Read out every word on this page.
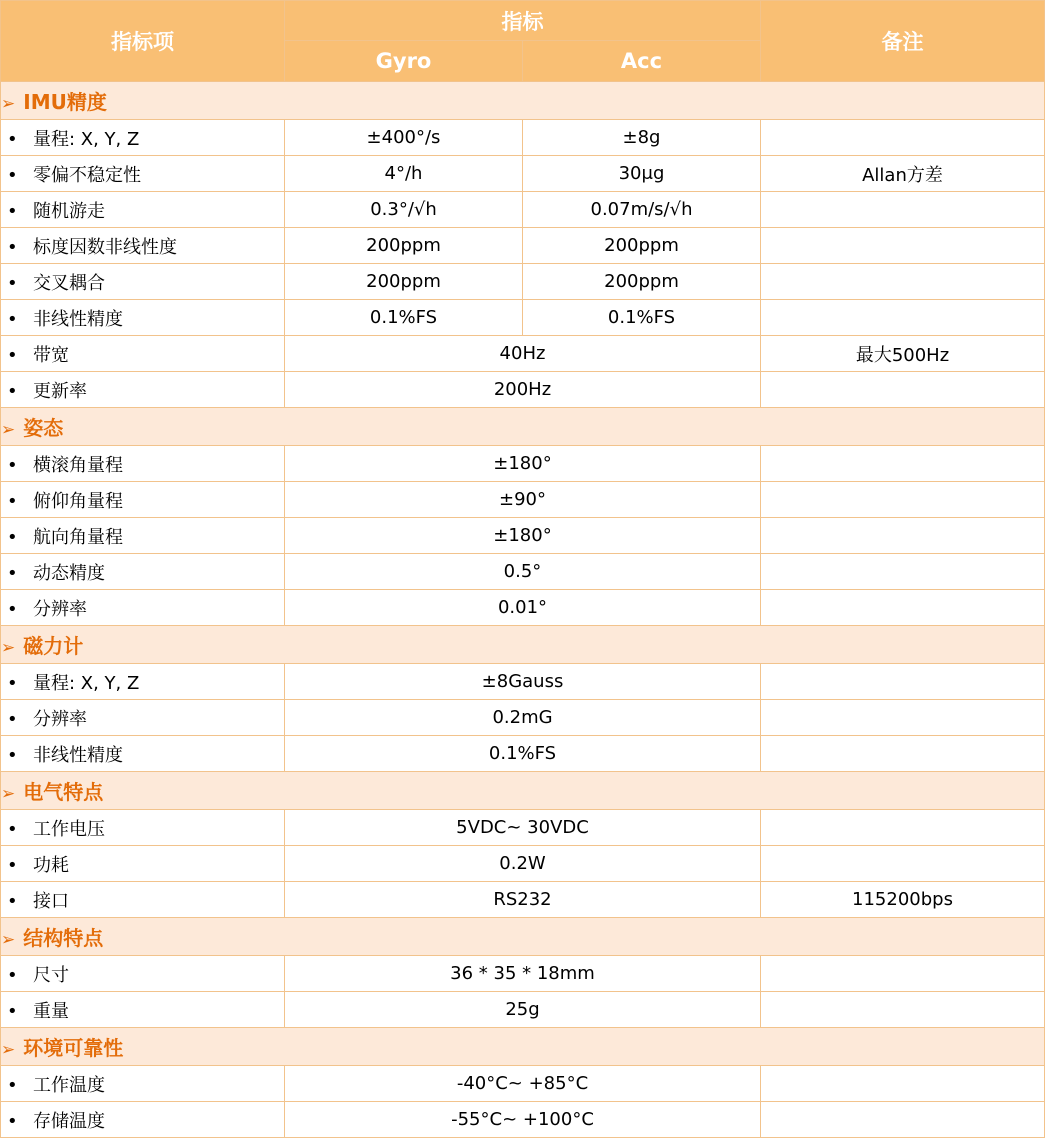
指标项	指标		备注
	Gyro	Acc	
➢ IMU精度			
• 量程: X, Y, Z	±400°/s	±8g	
• 零偏不稳定性	4°/h	30μg	Allan方差
• 随机游走	0.3°/√h	0.07m/s/√h	
• 标度因数非线性度	200ppm	200ppm	
• 交叉耦合	200ppm	200ppm	
• 非线性精度	0.1%FS	0.1%FS	
• 带宽	40Hz		最大500Hz
• 更新率	200Hz		
➢ 姿态			
• 横滚角量程	±180°		
• 俯仰角量程	±90°		
• 航向角量程	±180°		
• 动态精度	0.5°		
• 分辨率	0.01°		
➢ 磁力计			
• 量程: X, Y, Z	±8Gauss		
• 分辨率	0.2mG		
• 非线性精度	0.1%FS		
➢ 电气特点			
• 工作电压	5VDC~ 30VDC		
• 功耗	0.2W		
• 接口	RS232		115200bps
➢ 结构特点			
• 尺寸	36 * 35 * 18mm		
• 重量	25g		
➢ 环境可靠性			
• 工作温度	-40°C~ +85°C		
• 存储温度	-55°C~ +100°C		
